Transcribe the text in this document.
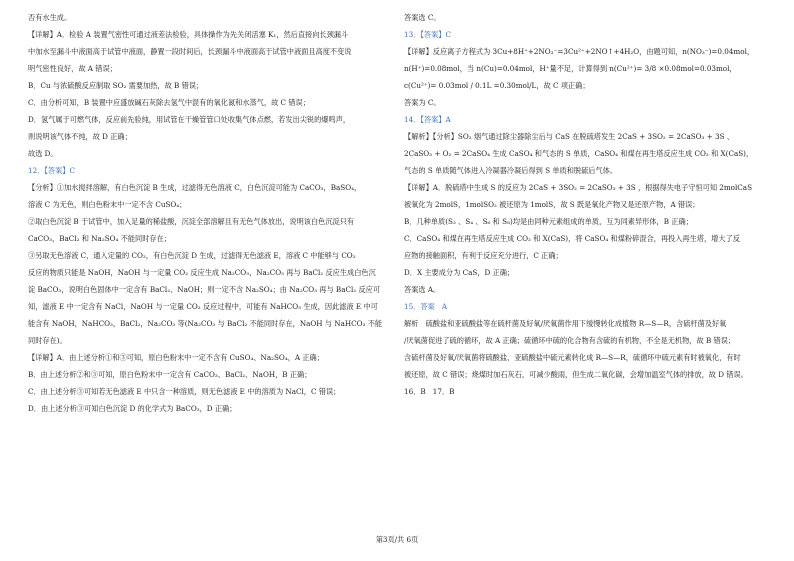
否有水生成。
【详解】A．检验 A 装置气密性可通过液差法检验，具体操作为先关闭活塞 K₁，然后直接向长颈漏斗
中加水至漏斗中液面高于试管中液面，静置一段时间后，长颈漏斗中液面高于试管中液面且高度不变说
明气密性良好，故 A 错误；
B．Cu 与浓硫酸反应制取 SO₂ 需要加热，故 B 错误；
C．由分析可知，B 装置中应盛放碱石灰除去氢气中混有的氧化氮和水蒸气，故 C 错误；
D．氢气属于可燃气体，反应前先验纯，用试管在干燥管管口处收集气体点燃，若发出尖锐的爆鸣声，
则说明该气体不纯，故 D 正确；
故选 D。
12．【答案】C
【分析】①加水搅拌溶解，有白色沉淀 B 生成，过滤得无色溶液 C，白色沉淀可能为 CaCO₃，BaSO₄，
溶液 C 为无色，则白色粉末中一定不含 CuSO₄；
②取白色沉淀 B 于试管中，加入足量的稀盐酸，沉淀全部溶解且有无色气体放出，说明该白色沉淀只有
CaCO₃，BaCl₂ 和 Na₂SO₄ 不能同时存在；
③另取无色溶液 C，通入定量的 CO₂，有白色沉淀 D 生成，过滤得无色滤液 E，溶液 C 中能够与 CO₂
反应的物质只能是 NaOH，NaOH 与一定量 CO₂ 反应生成 Na₂CO₃，Na₂CO₃ 再与 BaCl₂ 反应生成白色沉
淀 BaCO₃，说明白色固体中一定含有 BaCl₂、NaOH；则一定不含 Na₂SO₄；由 Na₂CO₃ 再与 BaCl₂ 反应可
知，滤液 E 中一定含有 NaCl，NaOH 与一定量 CO₂ 反应过程中，可能有 NaHCO₃ 生成，因此滤液 E 中可
能含有 NaOH，NaHCO₃，BaCl₂，Na₂CO₃ 等(Na₂CO₃ 与 BaCl₂ 不能同时存在，NaOH 与 NaHCO₃ 不能
同时存在)。
【详解】A．由上述分析①和③可知，原白色粉末中一定不含有 CuSO₄、Na₂SO₄，A 正确；
B．由上述分析②和③可知，原白色粉末中一定含有 CaCO₃、BaCl₂、NaOH，B 正确；
C．由上述分析③可知若无色滤液 E 中只含一种溶质，则无色滤液 E 中的溶质为 NaCl，C 错误；
D．由上述分析③可知白色沉淀 D 的化学式为 BaCO₃，D 正确；
答案选 C。
13．【答案】C
【详解】反应离子方程式为 3Cu+8H⁺+2NO₃⁻=3Cu²⁺+2NO↑+4H₂O，由题可知，n(NO₃⁻)=0.04mol，
n(H⁺)=0.08mol，当 n(Cu)=0.04mol，H⁺量不足，计算得到 n(Cu²⁺)= 3/8 ×0.08mol=0.03mol，
c(Cu²⁺)= 0.03mol / 0.1L =0.30mol/L，故 C 项正确；
答案为 C。
14．【答案】A
【解析】【分析】SO₂ 烟气通过除尘器除尘后与 CaS 在脱硫塔发生 2CaS + 3SO₂ = 2CaSO₃ + 3S 、
2CaSO₃ + O₂ = 2CaSO₄ 生成 CaSO₄ 和气态的 S 单质，CaSO₄ 和煤在再生塔反应生成 CO₂ 和 X(CaS)，
气态的 S 单质随气体进入冷凝器冷凝后得到 S 单质和脱硫后气体。
【详解】A．脱硫塔中生成 S 的反应为 2CaS + 3SO₂ = 2CaSO₃ + 3S ，根据得失电子守恒可知 2molCaS
被氧化为 2molS，1molSO₂ 被还原为 1molS，故 S 既是氧化产物又是还原产物，A 错误；
B．几种单质(S₂ 、S₄ 、S₆ 和 S₈)均是由同种元素组成的单质，互为同素异形体，B 正确；
C．CaSO₄ 和煤在再生塔反应生成 CO₂ 和 X(CaS)，将 CaSO₄ 和煤粉碎混合，再投入再生塔，增大了反
应物的接触面积，有利于反应充分进行，C 正确；
D．X 主要成分为 CaS，D 正确；
答案选 A。
15．答案　A
解析　硫酸盐和亚硫酸盐等在硫杆菌及好氧/厌氧菌作用下缓慢转化成植物 R—S—R，含硫杆菌及好氧
/厌氧菌促进了硫的循环，故 A 正确；硫循环中硫的化合物有含硫的有机物，不全是无机物，故 B 错误；
含硫杆菌及好氧/厌氧菌将硫酸盐、亚硫酸盐中硫元素转化成 R—S—R，硫循环中硫元素有时被氧化，有时
被还原，故 C 错误；烧煤时加石灰石，可减少酸雨，但生成二氧化碳，会增加温室气体的排放，故 D 错误。
16．B　17．B
第3页/共 6页
